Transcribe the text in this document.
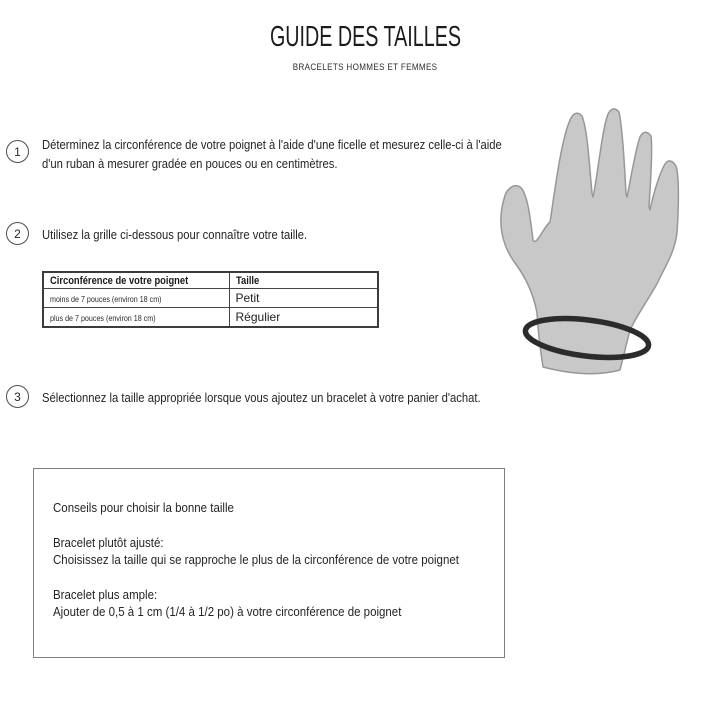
GUIDE DES TAILLES
BRACELETS HOMMES ET FEMMES
1 Déterminez la circonférence de votre poignet à l'aide d'une ficelle et mesurez celle-ci à l'aide
d'un ruban à mesurer gradée en pouces ou en centimètres.
2 Utilisez la grille ci-dessous pour connaître votre taille.
Circonférence de votre poignet	Taille
moins de 7 pouces (environ 18 cm)	Petit
plus de 7 pouces (environ 18 cm)	Régulier
3 Sélectionnez la taille appropriée lorsque vous ajoutez un bracelet à votre panier d'achat.
Conseils pour choisir la bonne taille
Bracelet plutôt ajusté:
Choisissez la taille qui se rapproche le plus de la circonférence de votre poignet
Bracelet plus ample:
Ajouter de 0,5 à 1 cm (1/4 à 1/2 po) à votre circonférence de poignet
